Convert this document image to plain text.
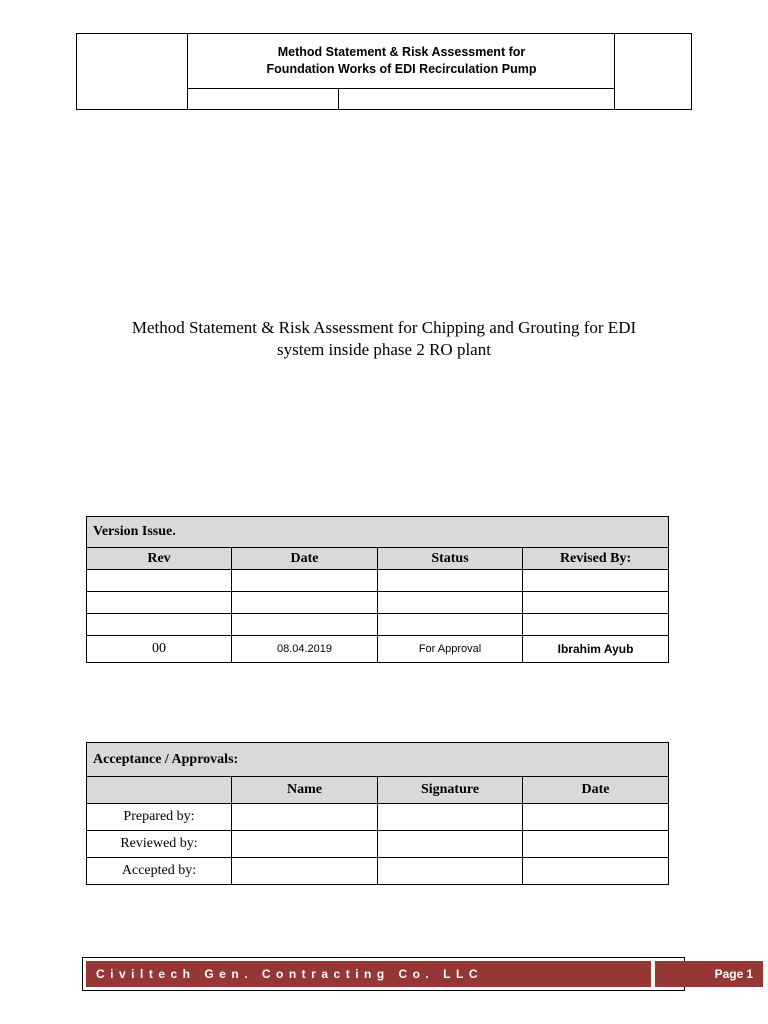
Method Statement & Risk Assessment for
Foundation Works of EDI Recirculation Pump
Method Statement & Risk Assessment for Chipping and Grouting for EDI
system inside phase 2 RO plant
Version Issue.			
Rev	Date	Status	Revised By:

00	08.04.2019	For Approval	Ibrahim Ayub
Acceptance / Approvals:			
	Name	Signature	Date
Prepared by:			
Reviewed by:			
Accepted by:			
Civiltech Gen. Contracting Co. LLC	Page 1
